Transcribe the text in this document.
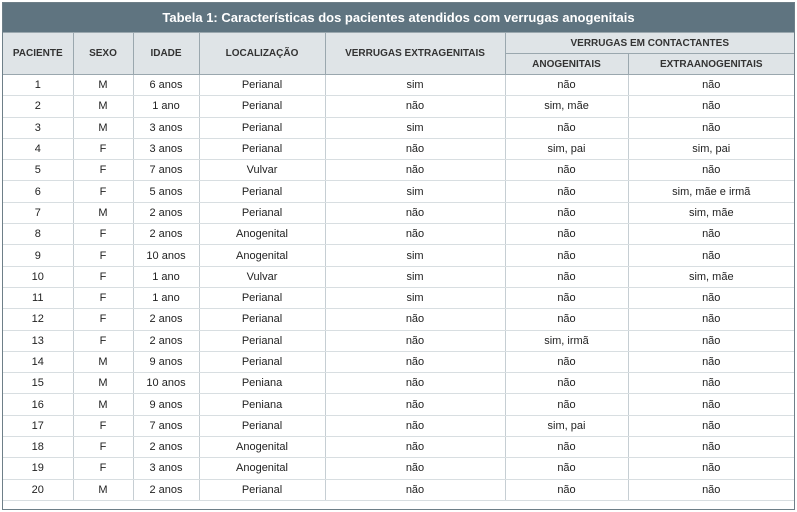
Tabela 1: Características dos pacientes atendidos com verrugas anogenitais
PACIENTE	SEXO	IDADE	LOCALIZAÇÃO	VERRUGAS EXTRAGENITAIS	VERRUGAS EM CONTACTANTES	
					ANOGENITAIS	EXTRAANOGENITAIS
1	M	6 anos	Perianal	sim	não	não
2	M	1 ano	Perianal	não	sim, mãe	não
3	M	3 anos	Perianal	sim	não	não
4	F	3 anos	Perianal	não	sim, pai	sim, pai
5	F	7 anos	Vulvar	não	não	não
6	F	5 anos	Perianal	sim	não	sim, mãe e irmã
7	M	2 anos	Perianal	não	não	sim, mãe
8	F	2 anos	Anogenital	não	não	não
9	F	10 anos	Anogenital	sim	não	não
10	F	1 ano	Vulvar	sim	não	sim, mãe
11	F	1 ano	Perianal	sim	não	não
12	F	2 anos	Perianal	não	não	não
13	F	2 anos	Perianal	não	sim, irmã	não
14	M	9 anos	Perianal	não	não	não
15	M	10 anos	Peniana	não	não	não
16	M	9 anos	Peniana	não	não	não
17	F	7 anos	Perianal	não	sim, pai	não
18	F	2 anos	Anogenital	não	não	não
19	F	3 anos	Anogenital	não	não	não
20	M	2 anos	Perianal	não	não	não
